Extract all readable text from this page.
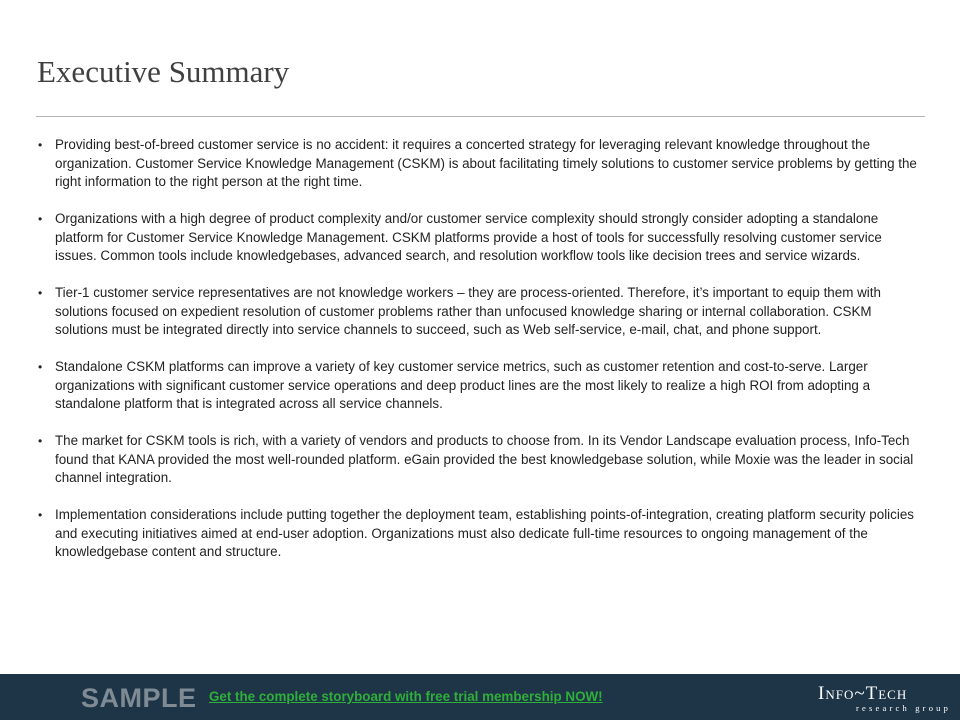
Executive Summary
• Providing best-of-breed customer service is no accident: it requires a concerted strategy for leveraging relevant knowledge throughout the organization. Customer Service Knowledge Management (CSKM) is about facilitating timely solutions to customer service problems by getting the right information to the right person at the right time.
• Organizations with a high degree of product complexity and/or customer service complexity should strongly consider adopting a standalone platform for Customer Service Knowledge Management. CSKM platforms provide a host of tools for successfully resolving customer service issues. Common tools include knowledgebases, advanced search, and resolution workflow tools like decision trees and service wizards.
• Tier-1 customer service representatives are not knowledge workers – they are process-oriented. Therefore, it’s important to equip them with solutions focused on expedient resolution of customer problems rather than unfocused knowledge sharing or internal collaboration. CSKM solutions must be integrated directly into service channels to succeed, such as Web self-service, e-mail, chat, and phone support.
• Standalone CSKM platforms can improve a variety of key customer service metrics, such as customer retention and cost-to-serve. Larger organizations with significant customer service operations and deep product lines are the most likely to realize a high ROI from adopting a standalone platform that is integrated across all service channels.
• The market for CSKM tools is rich, with a variety of vendors and products to choose from. In its Vendor Landscape evaluation process, Info-Tech found that KANA provided the most well-rounded platform. eGain provided the best knowledgebase solution, while Moxie was the leader in social channel integration.
• Implementation considerations include putting together the deployment team, establishing points-of-integration, creating platform security policies and executing initiatives aimed at end-user adoption. Organizations must also dedicate full-time resources to ongoing management of the knowledgebase content and structure.
SAMPLE Get the complete storyboard with free trial membership NOW!	Info~Tech
research group
